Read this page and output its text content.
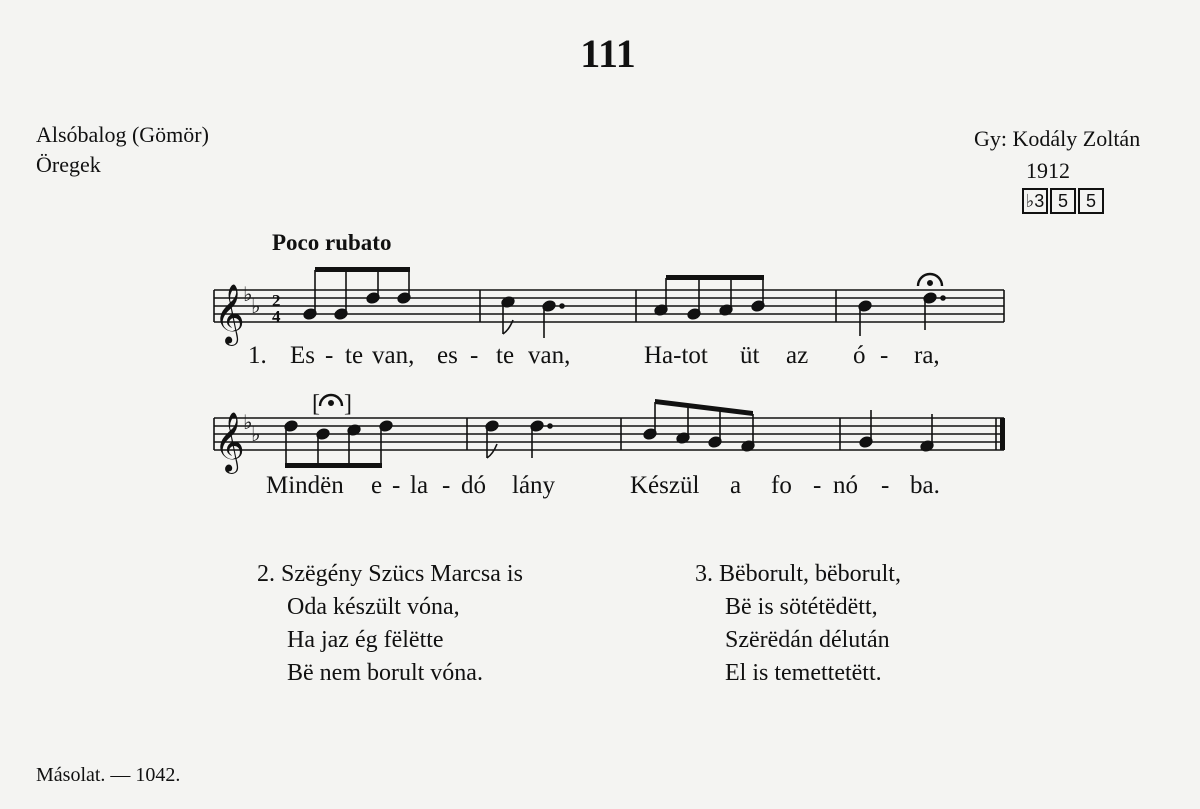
111
Alsóbalog (Gömör)
Öregek
Gy: Kodály Zoltán
1912
♭3 5 5
Poco rubato
𝄞
𝄞
♭
♭
♭
♭
2
4
[ ]
1. Es - te van, es - te van,	Ha-tot üt az ó - ra,
Mindën e - la - dó lány	Készül a fo - nó - ba.
2. Szëgény Szücs Marcsa is
Oda készült vóna,
Ha jaz ég fëlëtte
Bë nem borult vóna.
3. Bëborult, bëborult,
Bë is sötétëdëtt,
Szërëdán délután
El is temettetëtt.
Másolat. — 1042.
